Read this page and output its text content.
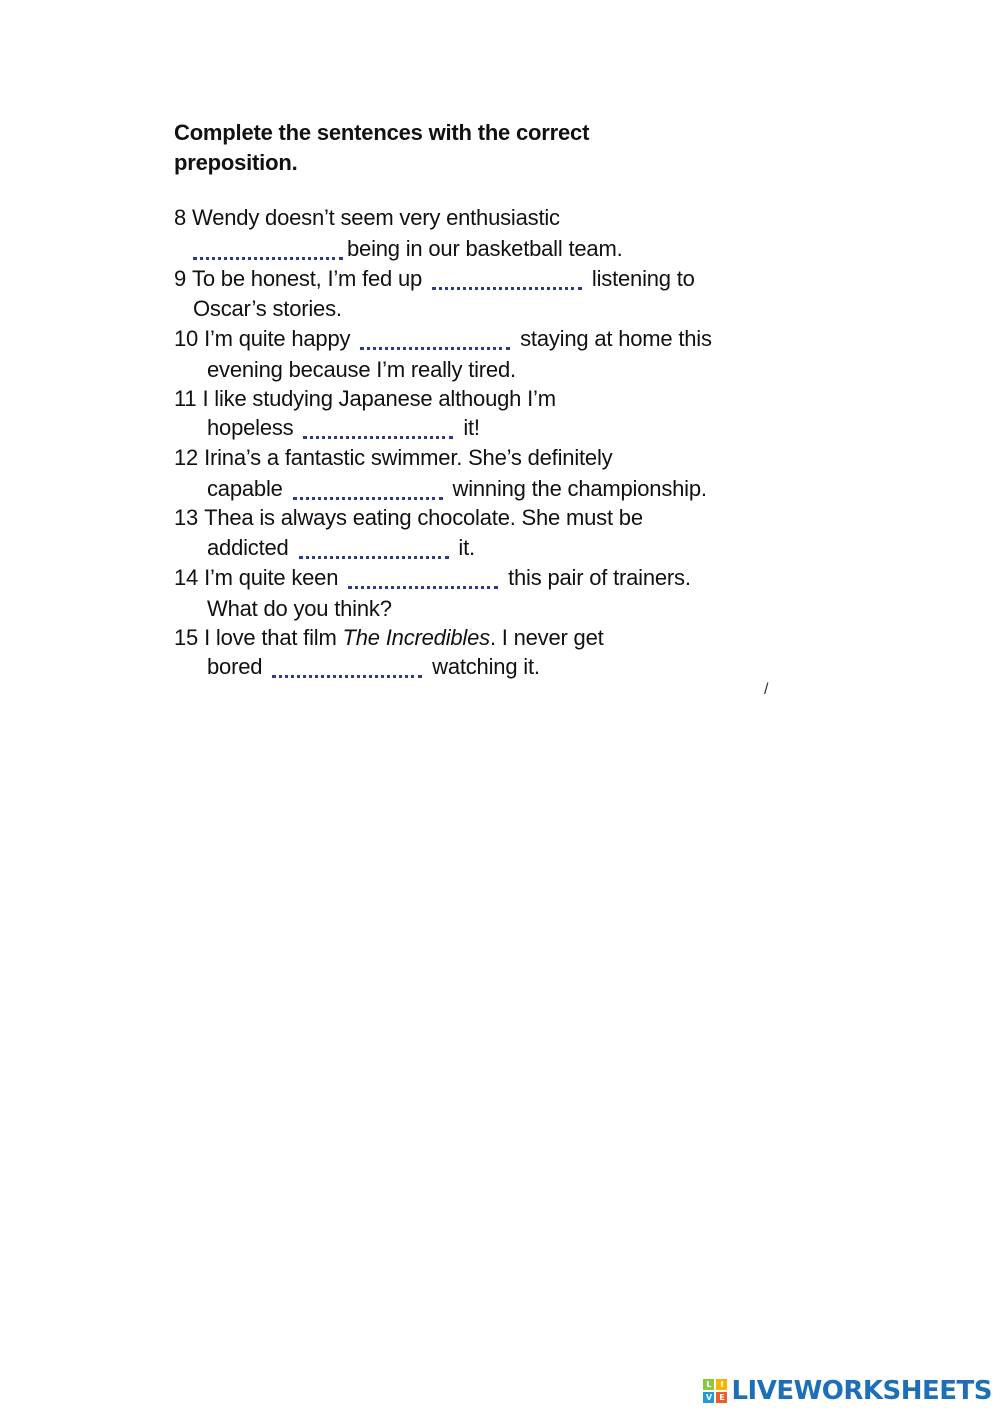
Complete the sentences with the correct preposition.
8 Wendy doesn’t seem very enthusiastic
being in our basketball team.
9 To be honest, I’m fed up	listening to
Oscar’s stories.
10 I’m quite happy	staying at home this
evening because I’m really tired.
11 I like studying Japanese although I’m
hopeless	it!
12 Irina’s a fantastic swimmer. She’s definitely
capable	winning the championship.
13 Thea is always eating chocolate. She must be
addicted	it.
14 I’m quite keen	this pair of trainers.
What do you think?
15 I love that film The Incredibles. I never get
bored	watching it.
/
L	I
V E LIVEWORKSHEETS
